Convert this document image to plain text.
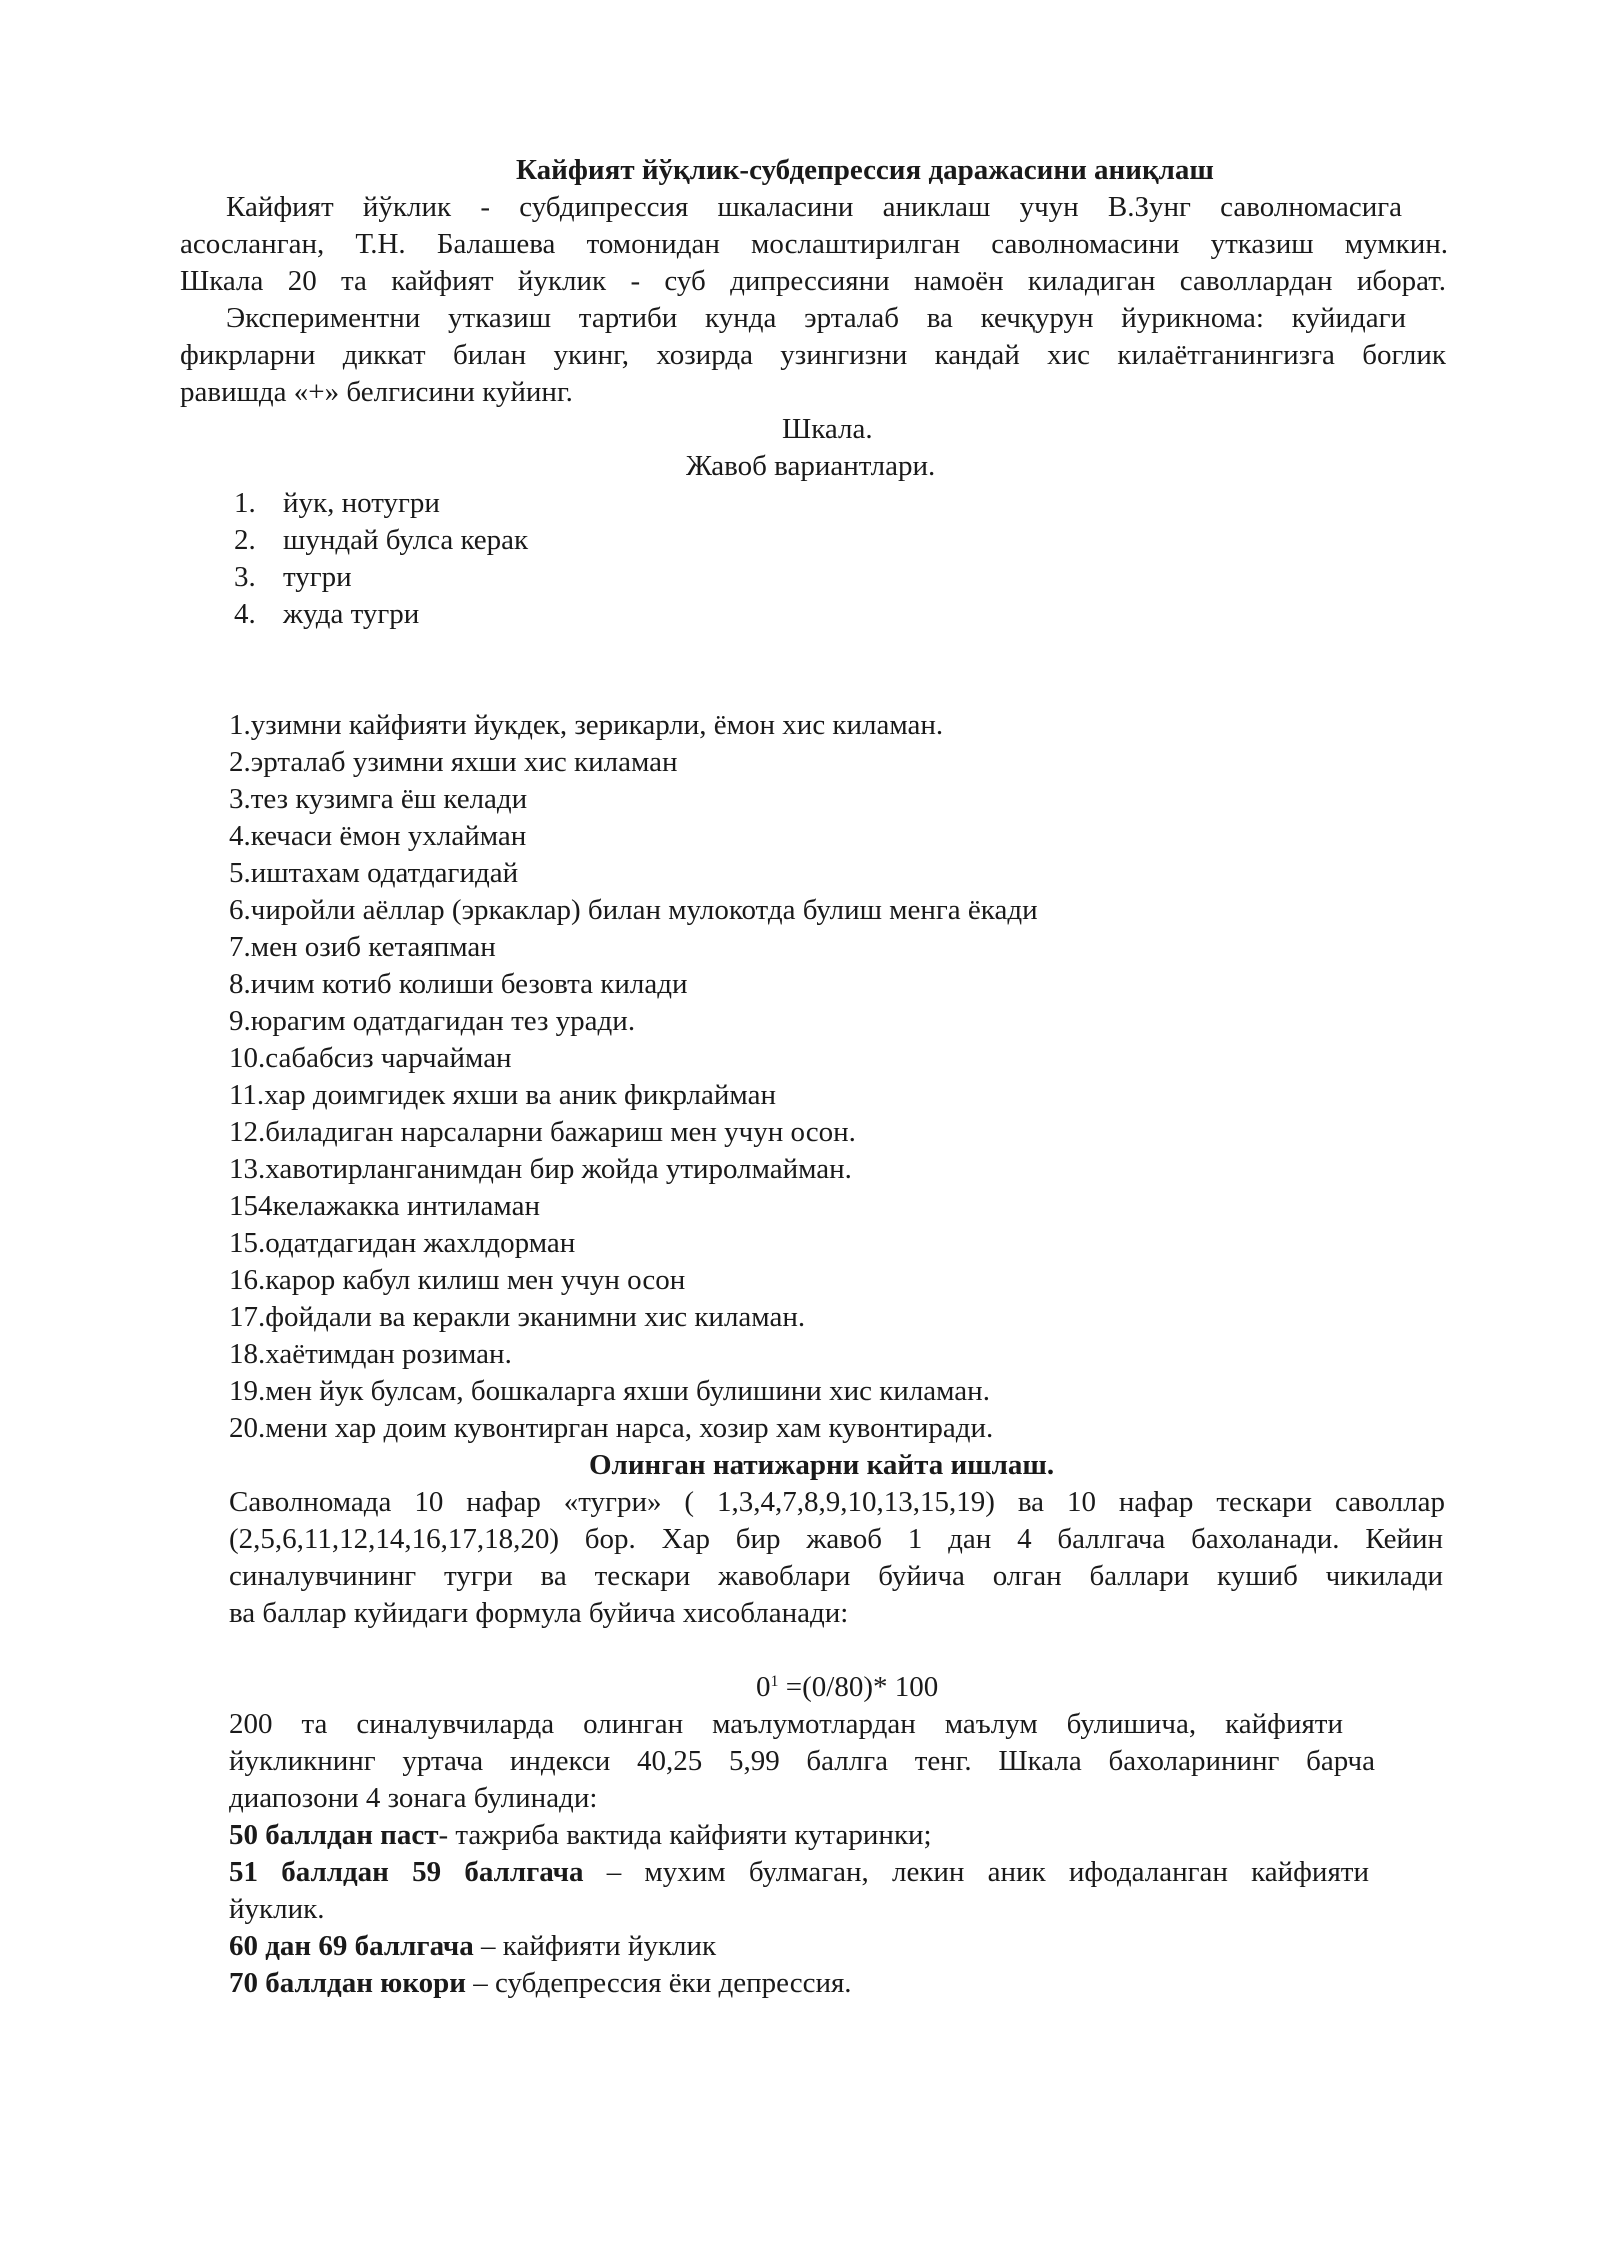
Кайфият йўқлик-субдепрессия даражасини аниқлаш
Кайфият йўклик - субдипрессия шкаласини аниклаш учун В.Зунг саволномасига
асосланган, Т.Н. Балашева томонидан мослаштирилган саволномасини утказиш мумкин.
Шкала 20 та кайфият йуклик - суб дипрессияни намоён киладиган саволлардан иборат.
Экспериментни утказиш тартиби кунда эрталаб ва кечқурун йурикнома: куйидаги
фикрларни диккат билан укинг, хозирда узингизни кандай хис килаётганингизга боглик
равишда «+» белгисини куйинг.
Шкала.
Жавоб вариантлари.
1. йук, нотугри
2. шундай булса керак
3. тугри
4. жуда тугри
1.узимни кайфияти йукдек, зерикарли, ёмон хис киламан.
2.эрталаб узимни яхши хис киламан
3.тез кузимга ёш келади
4.кечаси ёмон ухлайман
5.иштахам одатдагидай
6.чиройли аёллар (эркаклар) билан мулокотда булиш менга ёкади
7.мен озиб кетаяпман
8.ичим котиб колиши безовта килади
9.юрагим одатдагидан тез уради.
10.сабабсиз чарчайман
11.хар доимгидек яхши ва аник фикрлайман
12.биладиган нарсаларни бажариш мен учун осон.
13.хавотирланганимдан бир жойда утиролмайман.
154келажакка интиламан
15.одатдагидан жахлдорман
16.карор кабул килиш мен учун осон
17.фойдали ва керакли эканимни хис киламан.
18.хаётимдан розиман.
19.мен йук булсам, бошкаларга яхши булишини хис киламан.
20.мени хар доим кувонтирган нарса, хозир хам кувонтиради.
Олинган натижарни кайта ишлаш.
Саволномада 10 нафар «тугри» ( 1,3,4,7,8,9,10,13,15,19) ва 10 нафар тескари саволлар
(2,5,6,11,12,14,16,17,18,20) бор. Хар бир жавоб 1 дан 4 баллгача бахоланади. Кейин
синалувчининг тугри ва тескари жавоблари буйича олган баллари кушиб чикилади
ва баллар куйидаги формула буйича хисобланади:
$0^1 =(0/80)*$ 100
200 та синалувчиларда олинган маълумотлардан маълум булишича, кайфияти
йукликнинг уртача индекси 40,25 5,99 баллга тенг. Шкала бахоларининг барча
диапозони 4 зонага булинади:
50 баллдан паст- тажриба вактида кайфияти кутаринки;
51 баллдан 59 баллгача – мухим булмаган, лекин аник ифодаланган кайфияти
йуклик.
60 дан 69 баллгача – кайфияти йуклик
70 баллдан юкори – субдепрессия ёки депрессия.
